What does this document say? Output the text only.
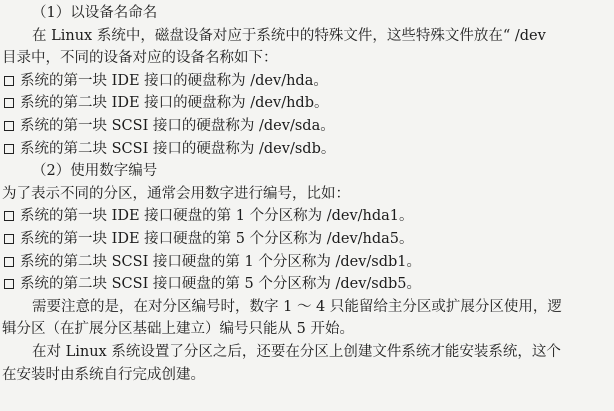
（1）以设备名命名
在 Linux 系统中，磁盘设备对应于系统中的特殊文件，这些特殊文件放在“ /dev
目录中，不同的设备对应的设备名称如下：
系统的第一块 IDE 接口的硬盘称为 /dev/hda。
系统的第二块 IDE 接口的硬盘称为 /dev/hdb。
系统的第一块 SCSI 接口的硬盘称为 /dev/sda。
系统的第二块 SCSI 接口的硬盘称为 /dev/sdb。
（2）使用数字编号
为了表示不同的分区，通常会用数字进行编号，比如：
系统的第一块 IDE 接口硬盘的第 1 个分区称为 /dev/hda1。
系统的第一块 IDE 接口硬盘的第 5 个分区称为 /dev/hda5。
系统的第二块 SCSI 接口硬盘的第 1 个分区称为 /dev/sdb1。
系统的第二块 SCSI 接口硬盘的第 5 个分区称为 /dev/sdb5。
需要注意的是，在对分区编号时，数字 1 ～ 4 只能留给主分区或扩展分区使用，逻
辑分区（在扩展分区基础上建立）编号只能从 5 开始。
在对 Linux 系统设置了分区之后，还要在分区上创建文件系统才能安装系统，这个
在安装时由系统自行完成创建。
